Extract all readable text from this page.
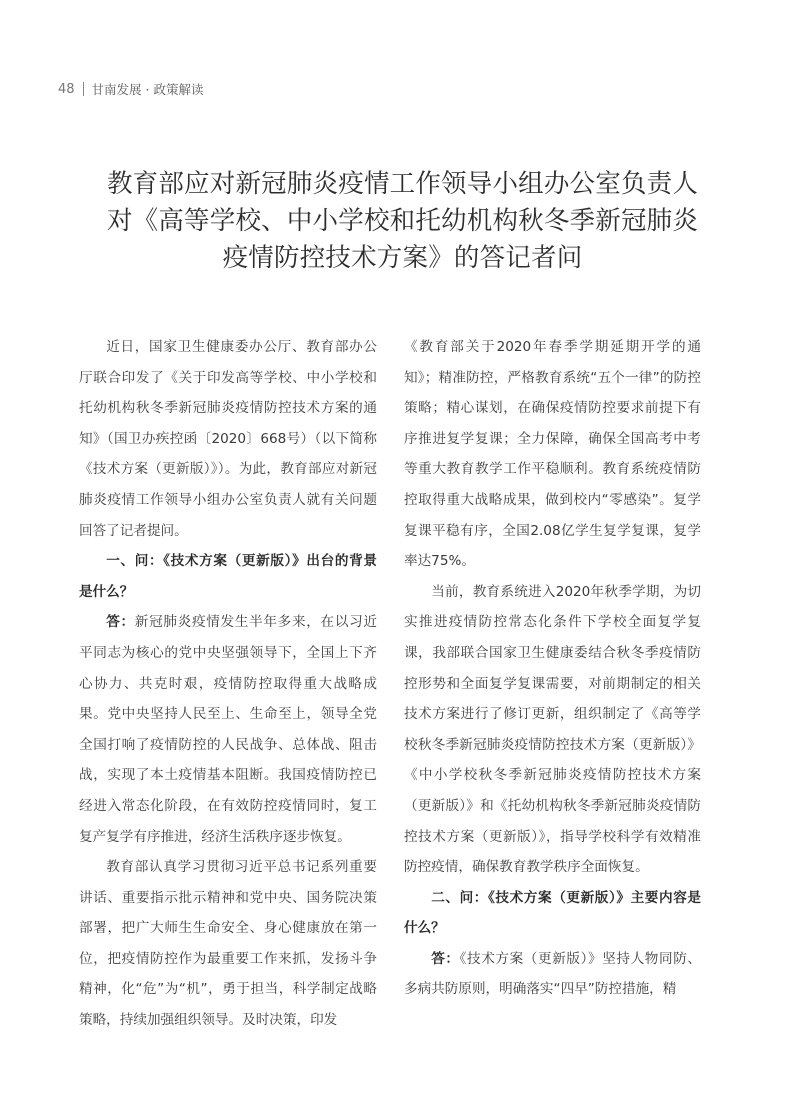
48 甘南发展 · 政策解读
教育部应对新冠肺炎疫情工作领导小组办公室负责人
对《高等学校、中小学校和托幼机构秋冬季新冠肺炎
疫情防控技术方案》的答记者问

近日，国家卫生健康委办公厅、教育部办公厅联合印发了《关于印发高等学校、中小学校和托幼机构秋冬季新冠肺炎疫情防控技术方案的通知》（国卫办疾控函〔2020〕668号）（以下简称《技术方案（更新版）》）。为此，教育部应对新冠肺炎疫情工作领导小组办公室负责人就有关问题回答了记者提问。

一、问：《技术方案（更新版）》出台的背景是什么？

答：新冠肺炎疫情发生半年多来，在以习近平同志为核心的党中央坚强领导下，全国上下齐心协力、共克时艰，疫情防控取得重大战略成果。党中央坚持人民至上、生命至上，领导全党全国打响了疫情防控的人民战争、总体战、阻击战，实现了本土疫情基本阻断。我国疫情防控已经进入常态化阶段，在有效防控疫情同时，复工复产复学有序推进，经济生活秩序逐步恢复。

教育部认真学习贯彻习近平总书记系列重要讲话、重要指示批示精神和党中央、国务院决策部署，把广大师生生命安全、身心健康放在第一位，把疫情防控作为最重要工作来抓，发扬斗争精神，化“危”为“机”，勇于担当，科学制定战略策略，持续加强组织领导。及时决策，印发

《教育部关于2020年春季学期延期开学的通知》；精准防控，严格教育系统“五个一律”的防控策略；精心谋划，在确保疫情防控要求前提下有序推进复学复课；全力保障，确保全国高考中考等重大教育教学工作平稳顺利。教育系统疫情防控取得重大战略成果，做到校内“零感染”。复学复课平稳有序，全国2.08亿学生复学复课，复学率达75%。

当前，教育系统进入2020年秋季学期，为切实推进疫情防控常态化条件下学校全面复学复课，我部联合国家卫生健康委结合秋冬季疫情防控形势和全面复学复课需要，对前期制定的相关技术方案进行了修订更新，组织制定了《高等学校秋冬季新冠肺炎疫情防控技术方案（更新版）》《中小学校秋冬季新冠肺炎疫情防控技术方案（更新版）》和《托幼机构秋冬季新冠肺炎疫情防控技术方案（更新版）》，指导学校科学有效精准防控疫情，确保教育教学秩序全面恢复。

二、问：《技术方案（更新版）》主要内容是什么？

答：《技术方案（更新版）》坚持人物同防、多病共防原则，明确落实“四早”防控措施，精
